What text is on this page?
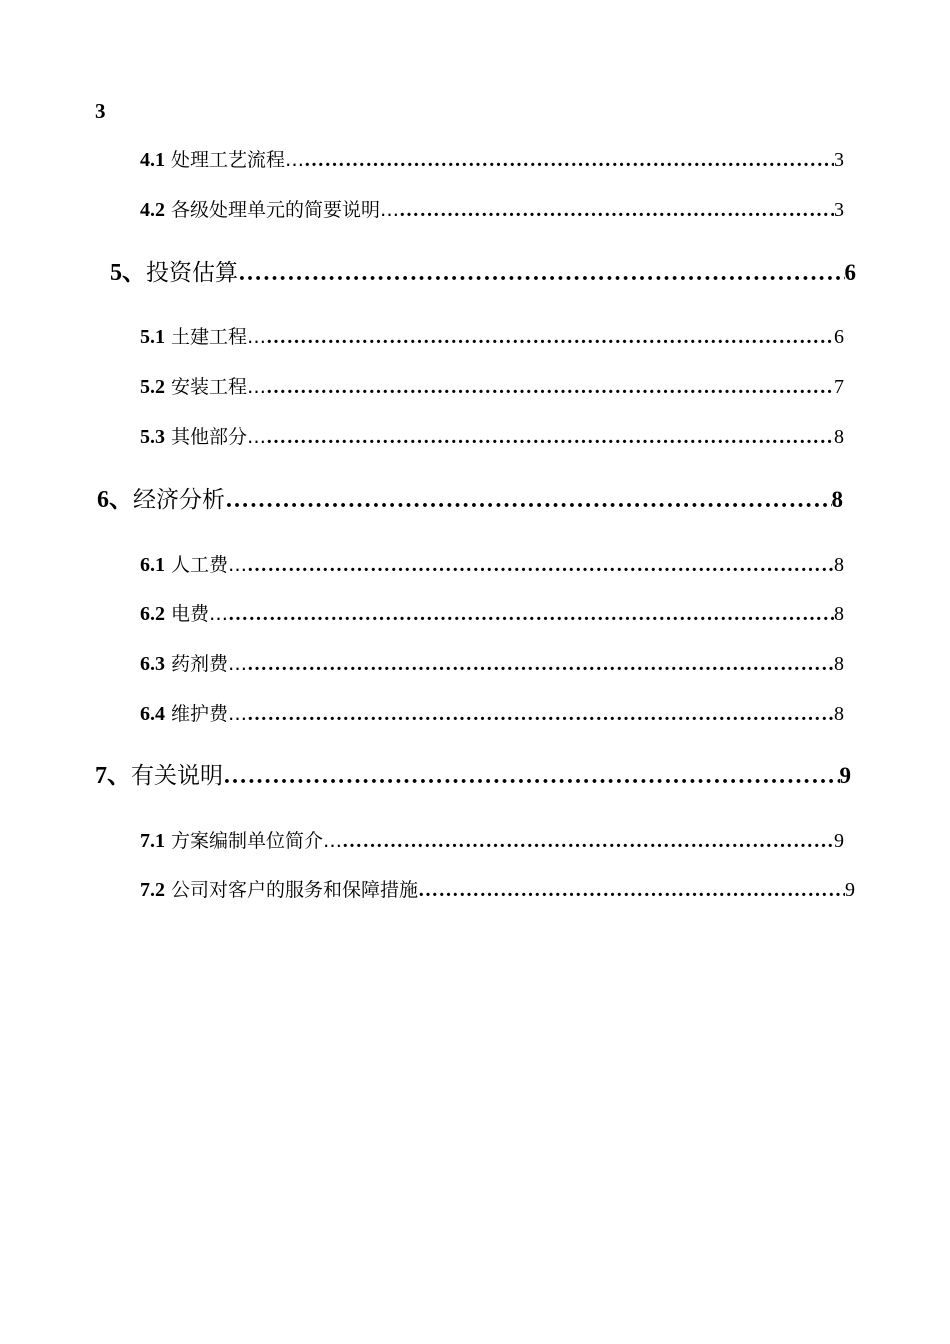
3
4.1 处理工艺流程… ……………………………………………………………………………………………………………………………………………………………………………………………	3
4.2 各级处理单元的简要说明… ……………………………………………………………………………………………………………………………………………………………………………………………	3
5、 投资估算 ……………………………………………………………………………………………………………………………………………………………………………………………	6
5.1 土建工程… ……………………………………………………………………………………………………………………………………………………………………………………………	6
5.2 安装工程… ……………………………………………………………………………………………………………………………………………………………………………………………	7
5.3 其他部分… ……………………………………………………………………………………………………………………………………………………………………………………………	8
6、 经济分析 ……………………………………………………………………………………………………………………………………………………………………………………………	8
6.1 人工费… ……………………………………………………………………………………………………………………………………………………………………………………………	8
6.2 电费… ……………………………………………………………………………………………………………………………………………………………………………………………	8
6.3 药剂费… ……………………………………………………………………………………………………………………………………………………………………………………………	8
6.4 维护费… ……………………………………………………………………………………………………………………………………………………………………………………………	8
7、 有关说明 ……………………………………………………………………………………………………………………………………………………………………………………………	9
7.1 方案编制单位简介… ……………………………………………………………………………………………………………………………………………………………………………………………	9
7.2 公司对客户的服务和保障措施 ……………………………………………………………………………………………………………………………………………………………………………………………	9
